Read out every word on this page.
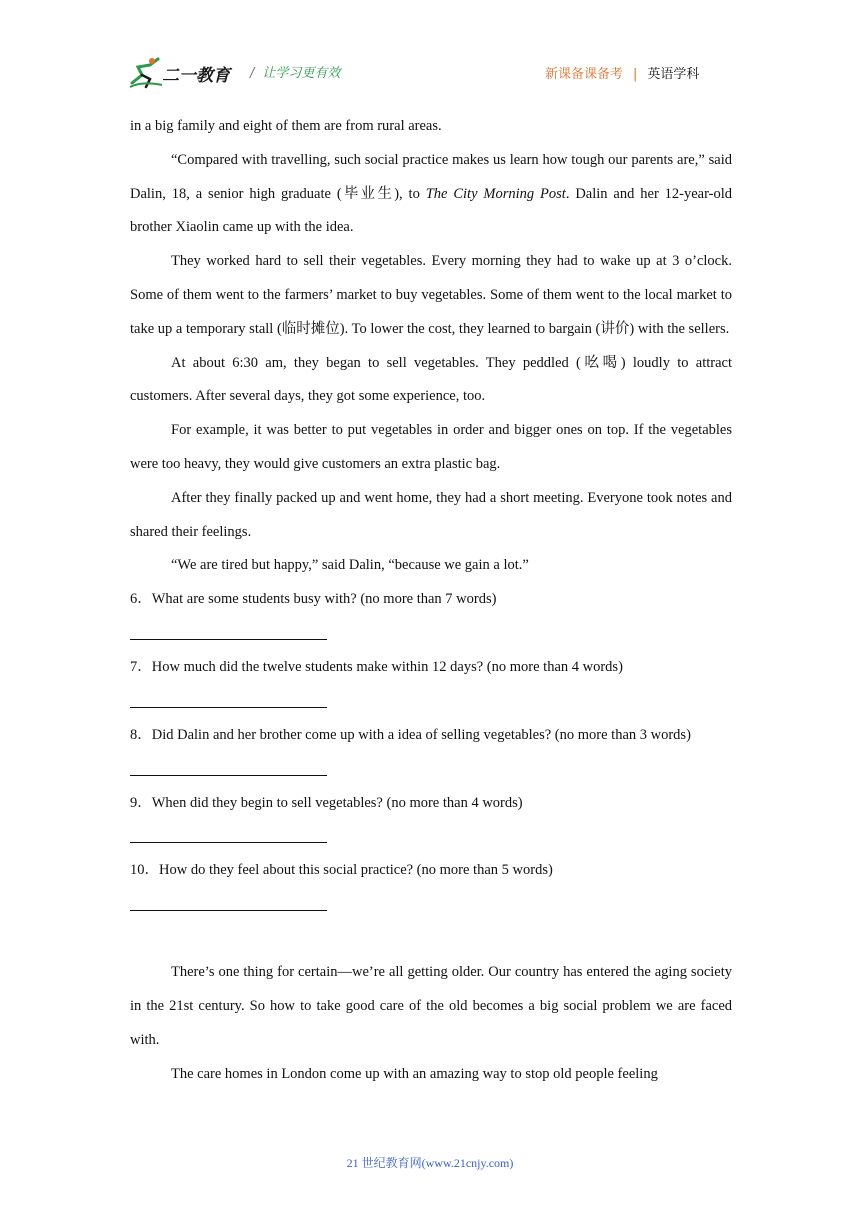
二一教育 / 让学习更有效	新课备课备考 | 英语学科

in a big family and eight of them are from rural areas.

“Compared with travelling, such social practice makes us learn how tough our parents are,” said Dalin, 18, a senior high graduate (毕业生), to The City Morning Post. Dalin and her 12-year-old brother Xiaolin came up with the idea.

They worked hard to sell their vegetables. Every morning they had to wake up at 3 o’clock. Some of them went to the farmers’ market to buy vegetables. Some of them went to the local market to take up a temporary stall (临时摊位). To lower the cost, they learned to bargain (讲价) with the sellers.

At about 6:30 am, they began to sell vegetables. They peddled (吆喝) loudly to attract customers. After several days, they got some experience, too.

For example, it was better to put vegetables in order and bigger ones on top. If the vegetables were too heavy, they would give customers an extra plastic bag.

After they finally packed up and went home, they had a short meeting. Everyone took notes and shared their feelings.

“We are tired but happy,” said Dalin, “because we gain a lot.”

6．What are some students busy with? (no more than 7 words)

7．How much did the twelve students make within 12 days? (no more than 4 words)

8．Did Dalin and her brother come up with a idea of selling vegetables? (no more than 3 words)

9．When did they begin to sell vegetables? (no more than 4 words)

10．How do they feel about this social practice? (no more than 5 words)

There’s one thing for certain—we’re all getting older. Our country has entered the aging society in the 21st century. So how to take good care of the old becomes a big social problem we are faced with.

The care homes in London come up with an amazing way to stop old people feeling

21 世纪教育网(www.21cnjy.com)
